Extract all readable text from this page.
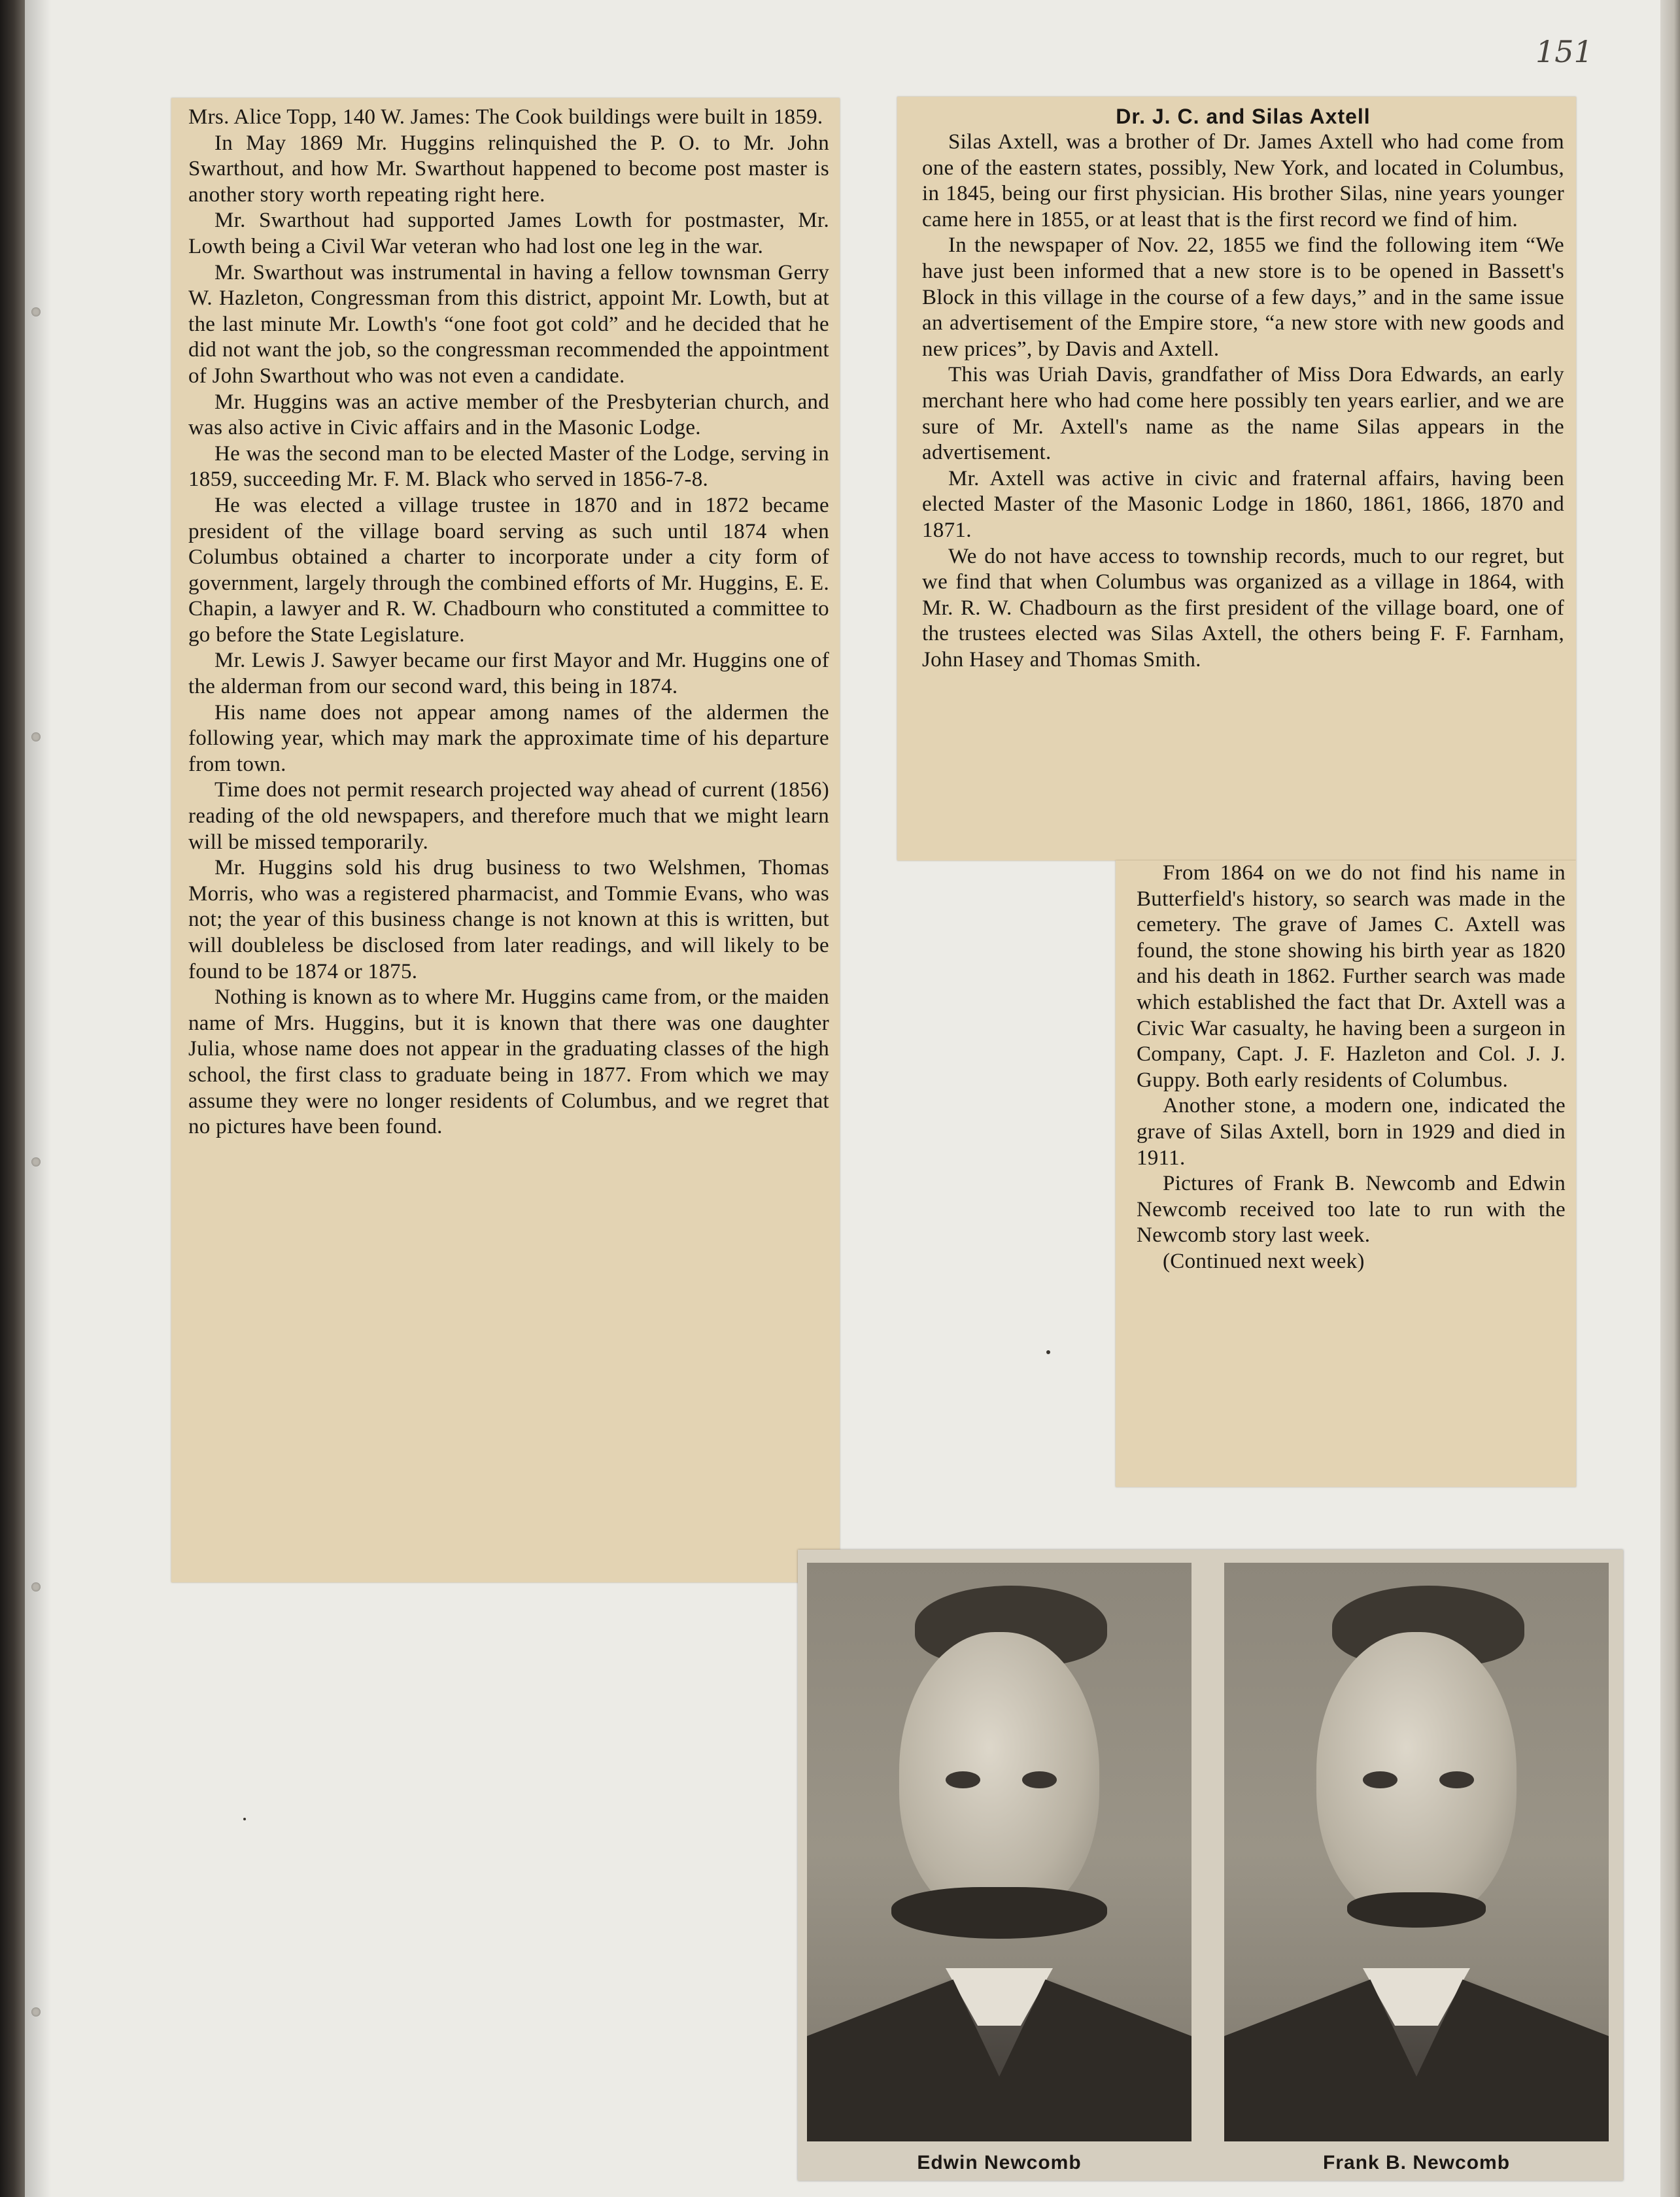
151

Mrs. Alice Topp, 140 W. James: The Cook buildings were built in 1859.

In May 1869 Mr. Huggins relinquished the P. O. to Mr. John Swarthout, and how Mr. Swarthout happened to become post master is another story worth repeating right here.

Mr. Swarthout had supported James Lowth for postmaster, Mr. Lowth being a Civil War veteran who had lost one leg in the war.

Mr. Swarthout was instrumental in having a fellow townsman Gerry W. Hazleton, Congressman from this district, appoint Mr. Lowth, but at the last minute Mr. Lowth's “one foot got cold” and he decided that he did not want the job, so the congressman recommended the appointment of John Swarthout who was not even a candidate.

Mr. Huggins was an active member of the Presbyterian church, and was also active in Civic affairs and in the Masonic Lodge.

He was the second man to be elected Master of the Lodge, serving in 1859, succeeding Mr. F. M. Black who served in 1856-7-8.

He was elected a village trustee in 1870 and in 1872 became president of the village board serving as such until 1874 when Columbus obtained a charter to incorporate under a city form of government, largely through the combined efforts of Mr. Huggins, E. E. Chapin, a lawyer and R. W. Chadbourn who constituted a committee to go before the State Legislature.

Mr. Lewis J. Sawyer became our first Mayor and Mr. Huggins one of the alderman from our second ward, this being in 1874.

His name does not appear among names of the aldermen the following year, which may mark the approximate time of his departure from town.

Time does not permit research projected way ahead of current (1856) reading of the old newspapers, and therefore much that we might learn will be missed temporarily.

Mr. Huggins sold his drug business to two Welshmen, Thomas Morris, who was a registered pharmacist, and Tommie Evans, who was not; the year of this business change is not known at this is written, but will doubleless be disclosed from later readings, and will likely to be found to be 1874 or 1875.

Nothing is known as to where Mr. Huggins came from, or the maiden name of Mrs. Huggins, but it is known that there was one daughter Julia, whose name does not appear in the graduating classes of the high school, the first class to graduate being in 1877. From which we may assume they were no longer residents of Columbus, and we regret that no pictures have been found.

Dr. J. C. and Silas Axtell

Silas Axtell, was a brother of Dr. James Axtell who had come from one of the eastern states, possibly, New York, and located in Columbus, in 1845, being our first physician. His brother Silas, nine years younger came here in 1855, or at least that is the first record we find of him.

In the newspaper of Nov. 22, 1855 we find the following item “We have just been informed that a new store is to be opened in Bassett's Block in this village in the course of a few days,” and in the same issue an advertisement of the Empire store, “a new store with new goods and new prices”, by Davis and Axtell.

This was Uriah Davis, grandfather of Miss Dora Edwards, an early merchant here who had come here possibly ten years earlier, and we are sure of Mr. Axtell's name as the name Silas appears in the advertisement.

Mr. Axtell was active in civic and fraternal affairs, having been elected Master of the Masonic Lodge in 1860, 1861, 1866, 1870 and 1871.

We do not have access to township records, much to our regret, but we find that when Columbus was organized as a village in 1864, with Mr. R. W. Chadbourn as the first president of the village board, one of the trustees elected was Silas Axtell, the others being F. F. Farnham, John Hasey and Thomas Smith.

From 1864 on we do not find his name in Butterfield's history, so search was made in the cemetery. The grave of James C. Axtell was found, the stone showing his birth year as 1820 and his death in 1862. Further search was made which established the fact that Dr. Axtell was a Civic War casualty, he having been a surgeon in Company, Capt. J. F. Hazleton and Col. J. J. Guppy. Both early residents of Columbus.

Another stone, a modern one, indicated the grave of Silas Axtell, born in 1929 and died in 1911.

Pictures of Frank B. Newcomb and Edwin Newcomb received too late to run with the Newcomb story last week.

(Continued next week)

Edwin Newcomb	Frank B. Newcomb
